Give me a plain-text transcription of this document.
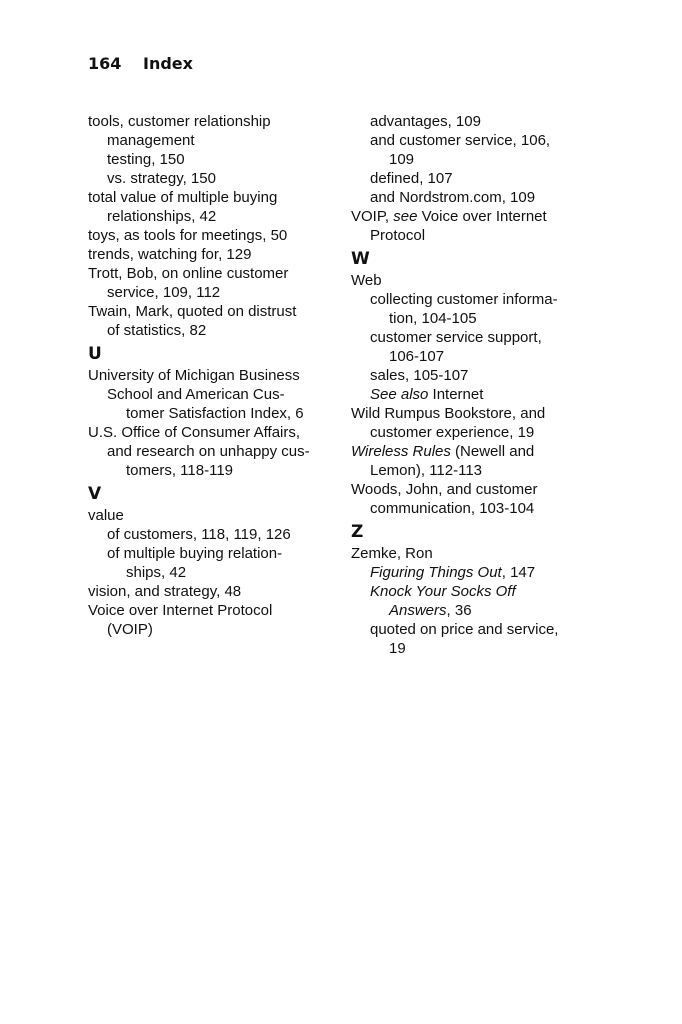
164 Index
tools, customer relationship
management
testing, 150
vs. strategy, 150
total value of multiple buying
relationships, 42
toys, as tools for meetings, 50
trends, watching for, 129
Trott, Bob, on online customer
service, 109, 112
Twain, Mark, quoted on distrust
of statistics, 82
U
University of Michigan Business
School and American Cus-
tomer Satisfaction Index, 6
U.S. Office of Consumer Affairs,
and research on unhappy cus-
tomers, 118-119
V
value
of customers, 118, 119, 126
of multiple buying relation-
ships, 42
vision, and strategy, 48
Voice over Internet Protocol
(VOIP)
advantages, 109
and customer service, 106,
109
defined, 107
and Nordstrom.com, 109
VOIP, see Voice over Internet
Protocol
W
Web
collecting customer informa-
tion, 104-105
customer service support,
106-107
sales, 105-107
See also Internet
Wild Rumpus Bookstore, and
customer experience, 19
Wireless Rules (Newell and
Lemon), 112-113
Woods, John, and customer
communication, 103-104
Z
Zemke, Ron
Figuring Things Out, 147
Knock Your Socks Off
Answers, 36
quoted on price and service,
19
